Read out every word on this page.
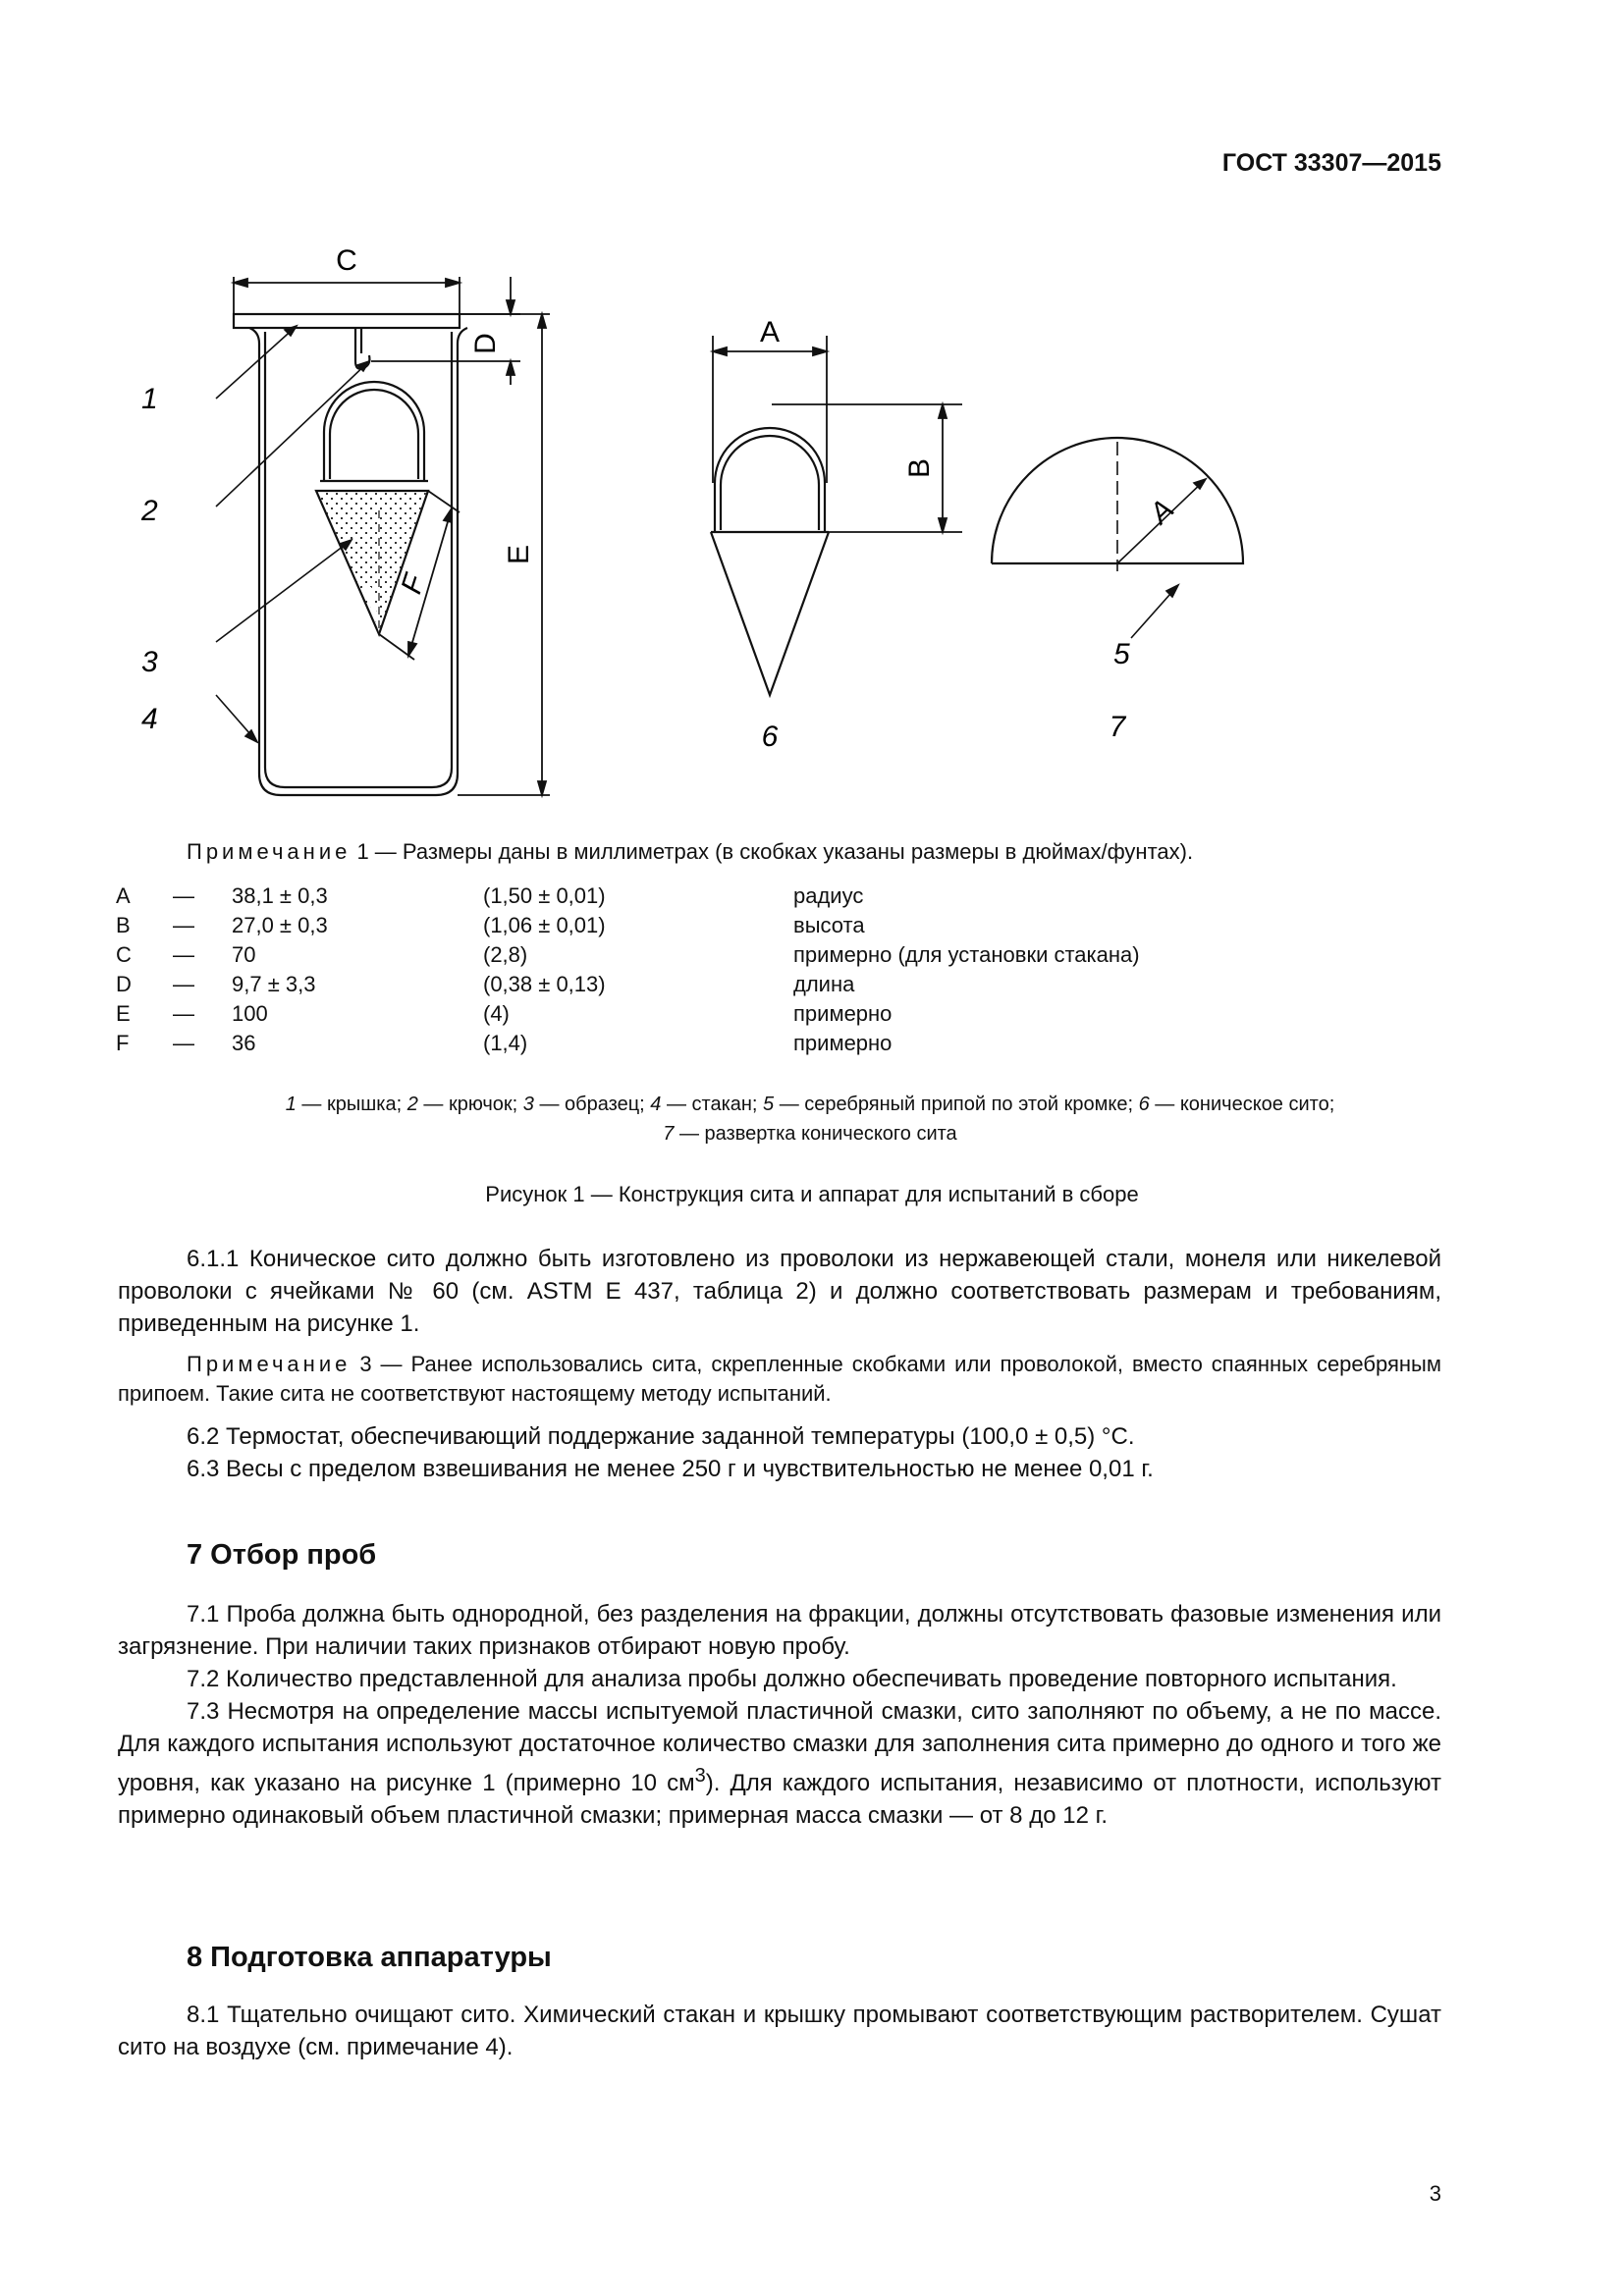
ГОСТ 33307—2015
C
D
Е
F
1
2
3
4
A
B
6
A
5
7
Примечание 1 — Размеры даны в миллиметрах (в скобках указаны размеры в дюймах/фунтах).
A	—	38,1 ± 0,3	(1,50 ± 0,01)	радиус
B	—	27,0 ± 0,3	(1,06 ± 0,01)	высота
C	—	70	(2,8)	примерно (для установки стакана)
D	—	9,7 ± 3,3	(0,38 ± 0,13)	длина
E	—	100	(4)	примерно
F	—	36	(1,4)	примерно
1 — крышка; 2 — крючок; 3 — образец; 4 — стакан; 5 — серебряный припой по этой кромке; 6 — коническое сито;
7 — развертка конического сита
Рисунок 1 — Конструкция сита и аппарат для испытаний в сборе
6.1.1 Коническое сито должно быть изготовлено из проволоки из нержавеющей стали, монеля или никелевой проволоки с ячейками № 60 (см. ASTM E 437, таблица 2) и должно соответствовать размерам и требованиям, приведенным на рисунке 1.
Примечание 3 — Ранее использовались сита, скрепленные скобками или проволокой, вместо спаянных серебряным припоем. Такие сита не соответствуют настоящему методу испытаний.
6.2 Термостат, обеспечивающий поддержание заданной температуры (100,0 ± 0,5) °С.
6.3 Весы с пределом взвешивания не менее 250 г и чувствительностью не менее 0,01 г.
7 Отбор проб
7.1 Проба должна быть однородной, без разделения на фракции, должны отсутствовать фазовые изменения или загрязнение. При наличии таких признаков отбирают новую пробу.
7.2 Количество представленной для анализа пробы должно обеспечивать проведение повторного испытания.
7.3 Несмотря на определение массы испытуемой пластичной смазки, сито заполняют по объему, а не по массе. Для каждого испытания используют достаточное количество смазки для заполнения сита примерно до одного и того же уровня, как указано на рисунке 1 (примерно 10 $см^3$). Для каждого испытания, независимо от плотности, используют примерно одинаковый объем пластичной смазки; примерная масса смазки — от 8 до 12 г.
8 Подготовка аппаратуры
8.1 Тщательно очищают сито. Химический стакан и крышку промывают соответствующим растворителем. Сушат сито на воздухе (см. примечание 4).
3
